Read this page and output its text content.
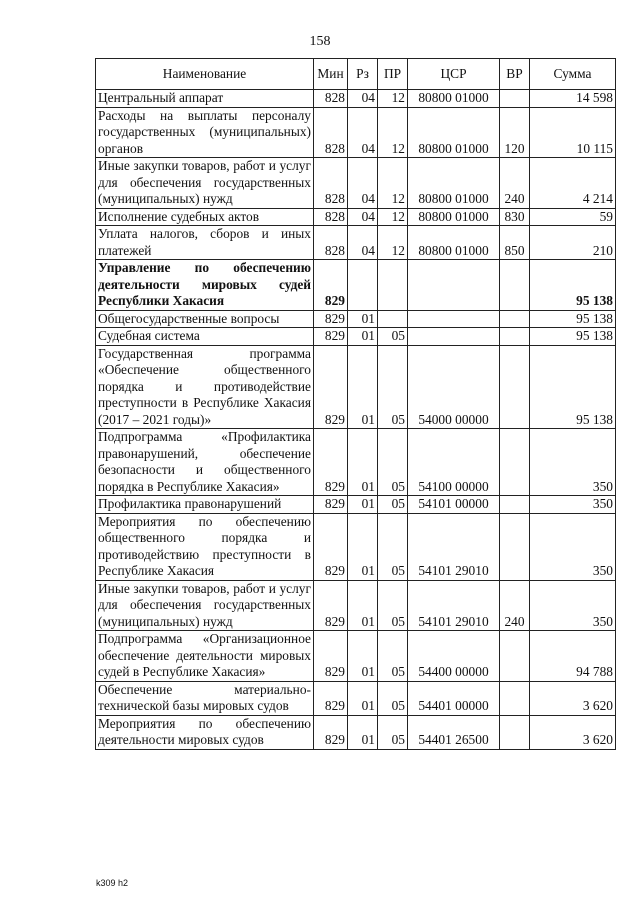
158
Наименование	Мин	Рз	ПР	ЦСР	ВР	Сумма
Центральный аппарат	828	04	12	80800 01000		14 598
Расходы на выплаты персоналу государственных (муниципальных) органов	828	04	12	80800 01000	120	10 115
Иные закупки товаров, работ и услуг для обеспечения государственных (муниципальных) нужд	828	04	12	80800 01000	240	4 214
Исполнение судебных актов	828	04	12	80800 01000	830	59
Уплата налогов, сборов и иных платежей	828	04	12	80800 01000	850	210
Управление по обеспечению деятельности мировых судей Республики Хакасия	829					95 138
Общегосударственные вопросы	829	01				95 138
Судебная система	829	01	05			95 138
Государственная программа «Обеспечение общественного порядка и противодействие преступности в Республике Хакасия (2017 – 2021 годы)»	829	01	05	54000 00000		95 138
Подпрограмма «Профилактика правонарушений, обеспечение безопасности и общественного порядка в Республике Хакасия»	829	01	05	54100 00000		350
Профилактика правонарушений	829	01	05	54101 00000		350
Мероприятия по обеспечению общественного порядка и противодействию преступности в Республике Хакасия	829	01	05	54101 29010		350
Иные закупки товаров, работ и услуг для обеспечения государственных (муниципальных) нужд	829	01	05	54101 29010	240	350
Подпрограмма «Организационное обеспечение деятельности мировых судей в Республике Хакасия»	829	01	05	54400 00000		94 788
Обеспечение материально-технической базы мировых судов	829	01	05	54401 00000		3 620
Мероприятия по обеспечению деятельности мировых судов	829	01	05	54401 26500		3 620
k309 h2
